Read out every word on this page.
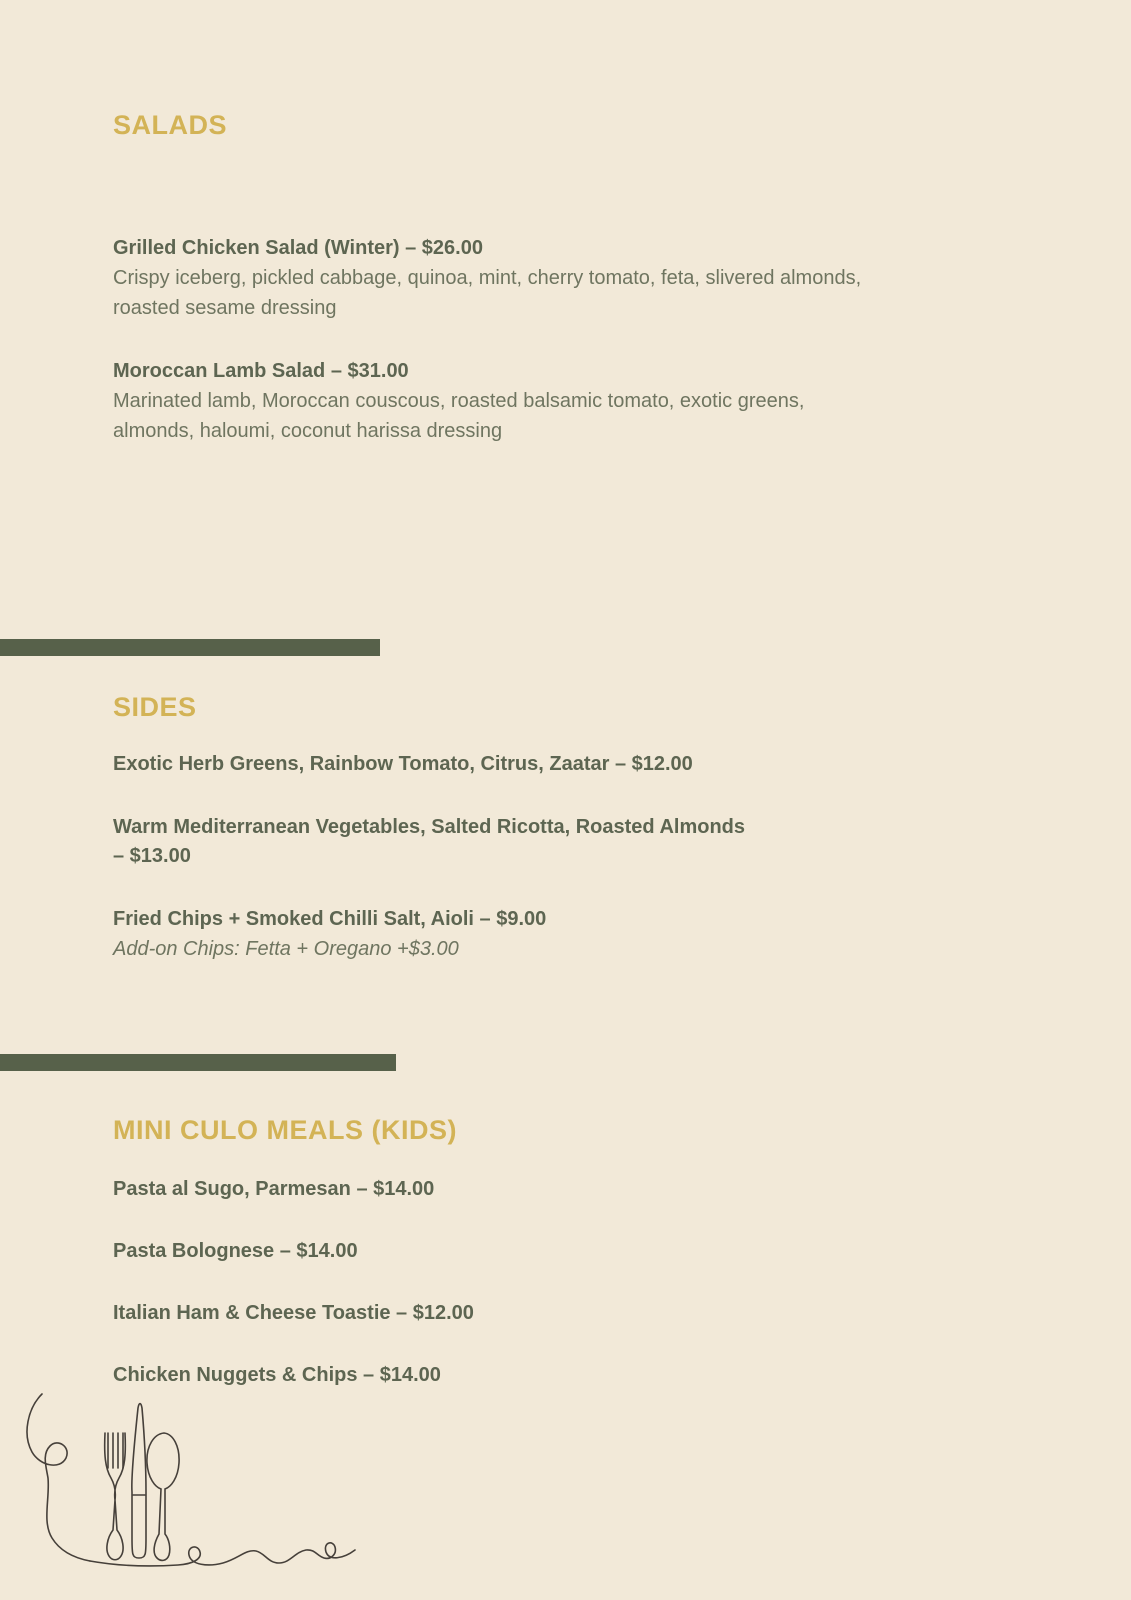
SALADS

Grilled Chicken Salad (Winter) – $26.00

Crispy iceberg, pickled cabbage, quinoa, mint, cherry tomato, feta, slivered almonds, roasted sesame dressing

Moroccan Lamb Salad – $31.00

Marinated lamb, Moroccan couscous, roasted balsamic tomato, exotic greens, almonds, haloumi, coconut harissa dressing

SIDES

Exotic Herb Greens, Rainbow Tomato, Citrus, Zaatar – $12.00

Warm Mediterranean Vegetables, Salted Ricotta, Roasted Almonds – $13.00

Fried Chips + Smoked Chilli Salt, Aioli – $9.00

Add-on Chips: Fetta + Oregano +$3.00

MINI CULO MEALS (KIDS)

Pasta al Sugo, Parmesan – $14.00

Pasta Bolognese – $14.00

Italian Ham & Cheese Toastie – $12.00

Chicken Nuggets & Chips – $14.00
